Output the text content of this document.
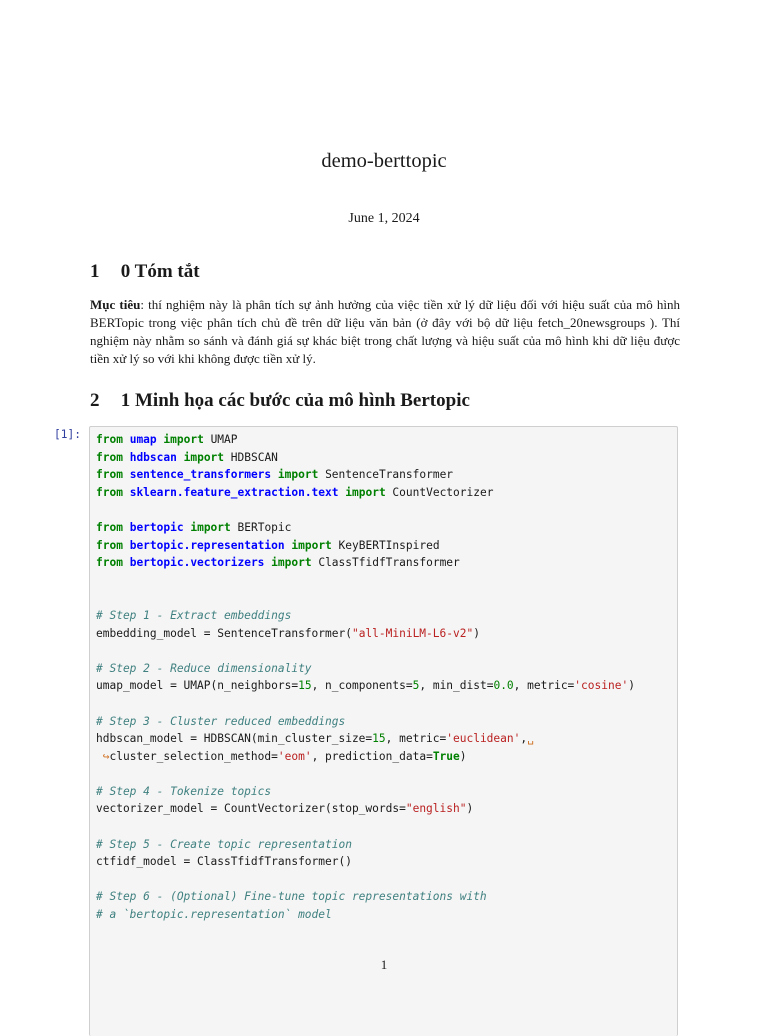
demo-berttopic
June 1, 2024
1 0 Tóm tắt
Mục tiêu: thí nghiệm này là phân tích sự ảnh hưởng của việc tiền xử lý dữ liệu đối với hiệu suất của mô hình BERTopic trong việc phân tích chủ đề trên dữ liệu văn bản (ở đây với bộ dữ liệu fetch_20newsgroups ). Thí nghiệm này nhằm so sánh và đánh giá sự khác biệt trong chất lượng và hiệu suất của mô hình khi dữ liệu được tiền xử lý so với khi không được tiền xử lý.
2 1 Minh họa các bước của mô hình Bertopic
[1]: from umap import UMAP
from hdbscan import HDBSCAN
from sentence_transformers import SentenceTransformer
from sklearn.feature_extraction.text import CountVectorizer

from bertopic import BERTopic
from bertopic.representation import KeyBERTInspired
from bertopic.vectorizers import ClassTfidfTransformer

# Step 1 - Extract embeddings
embedding_model = SentenceTransformer("all-MiniLM-L6-v2")

# Step 2 - Reduce dimensionality
umap_model = UMAP(n_neighbors=15, n_components=5, min_dist=0.0, metric='cosine')

# Step 3 - Cluster reduced embeddings
hdbscan_model = HDBSCAN(min_cluster_size=15, metric='euclidean',␣
↪cluster_selection_method='eom', prediction_data=True)

# Step 4 - Tokenize topics
vectorizer_model = CountVectorizer(stop_words="english")

# Step 5 - Create topic representation
ctfidf_model = ClassTfidfTransformer()

# Step 6 - (Optional) Fine-tune topic representations with
# a `bertopic.representation` model
1
